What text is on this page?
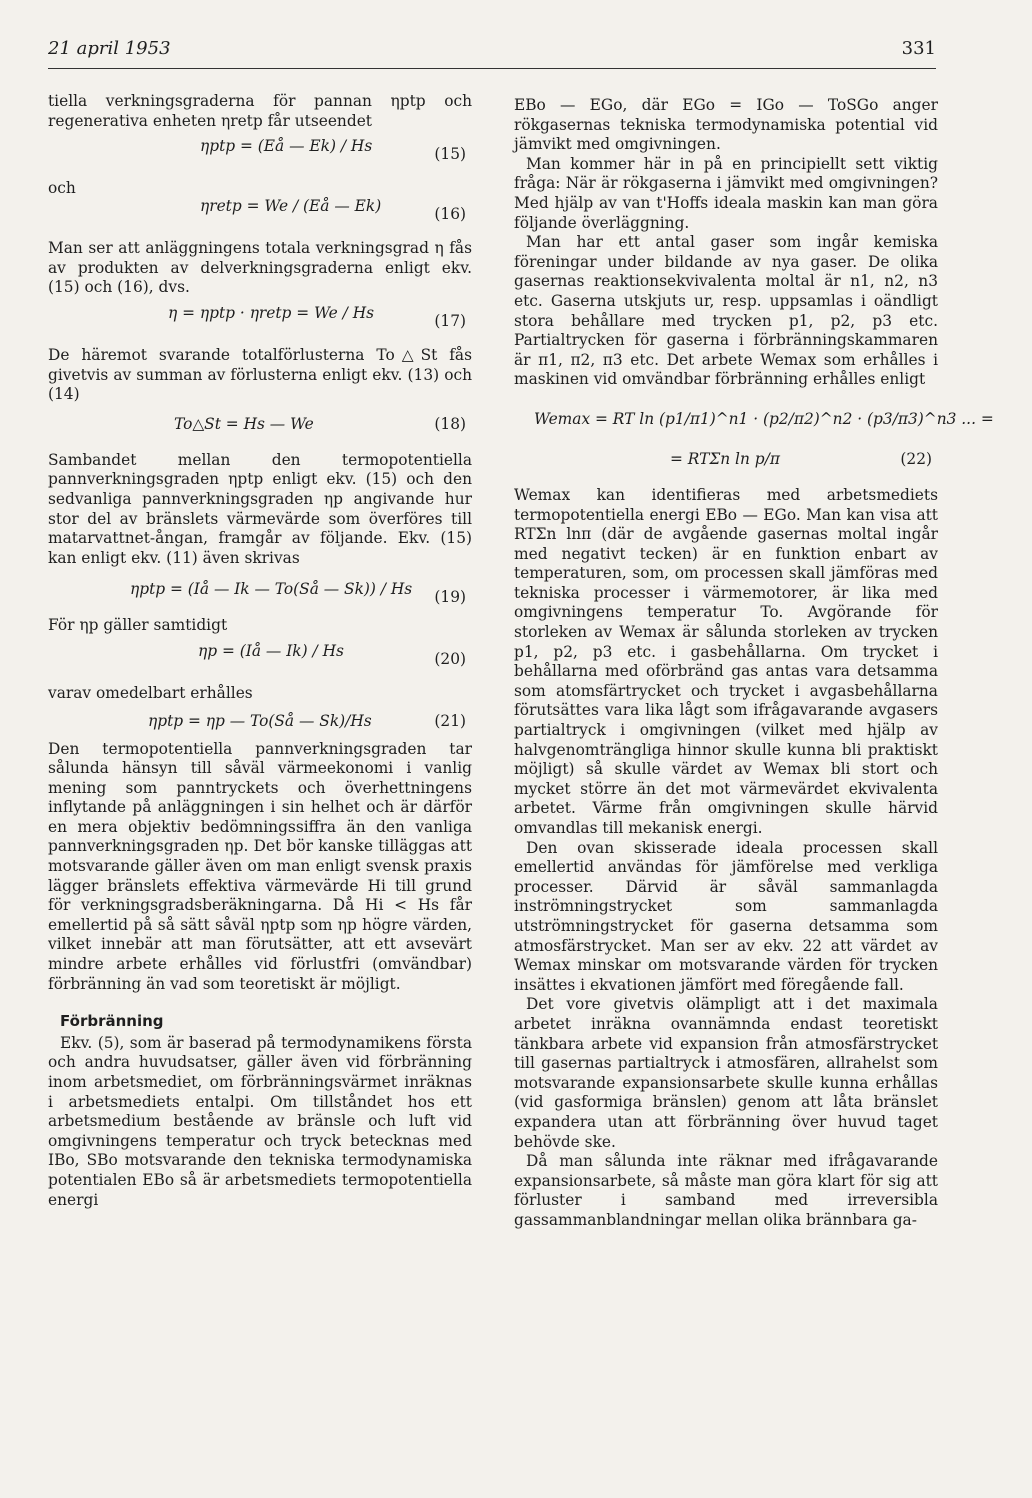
21 april 1953	331

tiella verkningsgraderna för pannan ηptp och regenerativa enheten ηretp får utseendet

ηptp = (Eå — Ek) / Hs	(15)
och
ηretp = We / (Eå — Ek)	(16)

Man ser att anläggningens totala verkningsgrad η fås av produkten av delverkningsgraderna enligt ekv. (15) och (16), dvs.

η = ηptp · ηretp = We / Hs	(17)

De häremot svarande totalförlusterna To△St fås givetvis av summan av förlusterna enligt ekv. (13) och (14)

To△St = Hs — We	(18)

Sambandet mellan den termopotentiella pannverkningsgraden ηptp enligt ekv. (15) och den sedvanliga pannverkningsgraden ηp angivande hur stor del av bränslets värmevärde som överföres till matarvattnet-ångan, framgår av följande. Ekv. (15) kan enligt ekv. (11) även skrivas

ηptp = (Iå — Ik — To(Så — Sk)) / Hs (19)

För ηp gäller samtidigt

ηp = (Iå — Ik) / Hs	(20)

varav omedelbart erhålles

ηptp = ηp — To(Så — Sk)/Hs	(21)

Den termopotentiella pannverkningsgraden tar sålunda hänsyn till såväl värmeekonomi i vanlig mening som panntryckets och överhettningens inflytande på anläggningen i sin helhet och är därför en mera objektiv bedömningssiffra än den vanliga pannverkningsgraden ηp. Det bör kanske tilläggas att motsvarande gäller även om man enligt svensk praxis lägger bränslets effektiva värmevärde Hi till grund för verkningsgradsberäkningarna. Då Hi < Hs får emellertid på så sätt såväl ηptp som ηp högre värden, vilket innebär att man förutsätter, att ett avsevärt mindre arbete erhålles vid förlustfri (omvändbar) förbränning än vad som teoretiskt är möjligt.

Förbränning

Ekv. (5), som är baserad på termodynamikens första och andra huvudsatser, gäller även vid förbränning inom arbetsmediet, om förbränningsvärmet inräknas i arbetsmediets entalpi. Om tillståndet hos ett arbetsmedium bestående av bränsle och luft vid omgivningens temperatur och tryck betecknas med IBo, SBo motsvarande den tekniska termodynamiska potentialen EBo så är arbetsmediets termopotentiella energi

EBo — EGo, där EGo = IGo — ToSGo anger rökgasernas tekniska termodynamiska potential vid jämvikt med omgivningen.

Man kommer här in på en principiellt sett viktig fråga: När är rökgaserna i jämvikt med omgivningen? Med hjälp av van t'Hoffs ideala maskin kan man göra följande överläggning.

Man har ett antal gaser som ingår kemiska föreningar under bildande av nya gaser. De olika gasernas reaktionsekvivalenta moltal är n1, n2, n3 etc. Gaserna utskjuts ur, resp. uppsamlas i oändligt stora behållare med trycken p1, p2, p3 etc. Partialtrycken för gaserna i förbränningskammaren är π1, π2, π3 etc. Det arbete Wemax som erhålles i maskinen vid omvändbar förbränning erhålles enligt

Wemax = RT ln (p1/π1)^n1 · (p2/π2)^n2 · (p3/π3)^n3 ... =
= RTΣn ln p/π	(22)

Wemax kan identifieras med arbetsmediets termopotentiella energi EBo — EGo. Man kan visa att RTΣn lnπ (där de avgående gasernas moltal ingår med negativt tecken) är en funktion enbart av temperaturen, som, om processen skall jämföras med tekniska processer i värmemotorer, är lika med omgivningens temperatur To. Avgörande för storleken av Wemax är sålunda storleken av trycken p1, p2, p3 etc. i gasbehållarna. Om trycket i behållarna med oförbränd gas antas vara detsamma som atomsfärtrycket och trycket i avgasbehållarna förutsättes vara lika lågt som ifrågavarande avgasers partialtryck i omgivningen (vilket med hjälp av halvgenomträngliga hinnor skulle kunna bli praktiskt möjligt) så skulle värdet av Wemax bli stort och mycket större än det mot värmevärdet ekvivalenta arbetet. Värme från omgivningen skulle härvid omvandlas till mekanisk energi.

Den ovan skisserade ideala processen skall emellertid användas för jämförelse med verkliga processer. Därvid är såväl sammanlagda inströmningstrycket som sammanlagda utströmningstrycket för gaserna detsamma som atmosfärstrycket. Man ser av ekv. 22 att värdet av Wemax minskar om motsvarande värden för trycken insättes i ekvationen jämfört med föregående fall.

Det vore givetvis olämpligt att i det maximala arbetet inräkna ovannämnda endast teoretiskt tänkbara arbete vid expansion från atmosfärstrycket till gasernas partialtryck i atmosfären, allrahelst som motsvarande expansionsarbete skulle kunna erhållas (vid gasformiga bränslen) genom att låta bränslet expandera utan att förbränning över huvud taget behövde ske.

Då man sålunda inte räknar med ifrågavarande expansionsarbete, så måste man göra klart för sig att förluster i samband med irreversibla gassammanblandningar mellan olika brännbara ga-
